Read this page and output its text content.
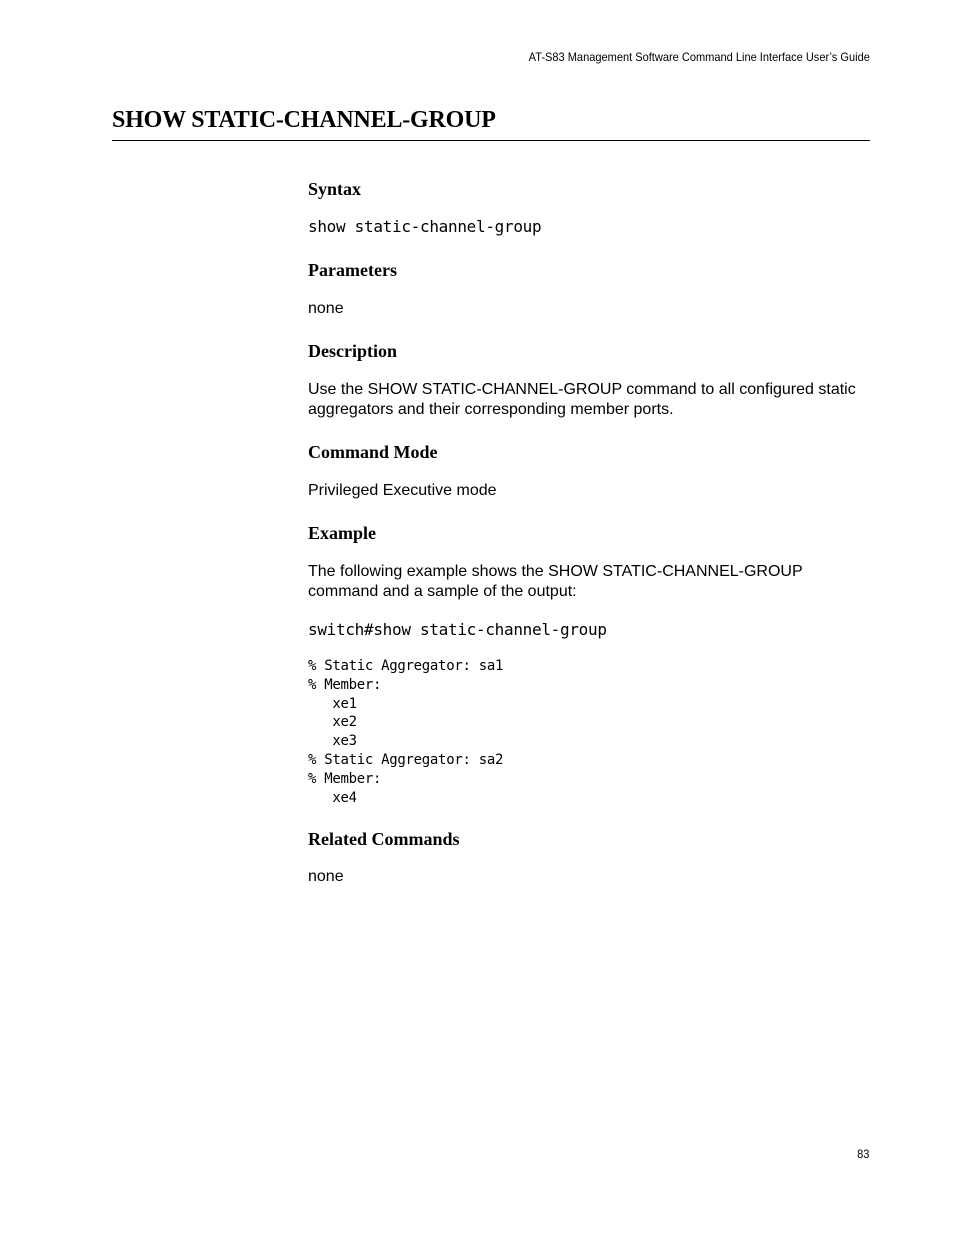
AT-S83 Management Software Command Line Interface User’s Guide
SHOW STATIC-CHANNEL-GROUP
Syntax
show static-channel-group
Parameters

none

Description

Use the SHOW STATIC-CHANNEL-GROUP command to all configured static aggregators and their corresponding member ports.

Command Mode

Privileged Executive mode

Example

The following example shows the SHOW STATIC-CHANNEL-GROUP command and a sample of the output:

switch#show static-channel-group
% Static Aggregator: sa1
% Member:
xe1
xe2
xe3
% Static Aggregator: sa2
% Member:
xe4
Related Commands

none

83
